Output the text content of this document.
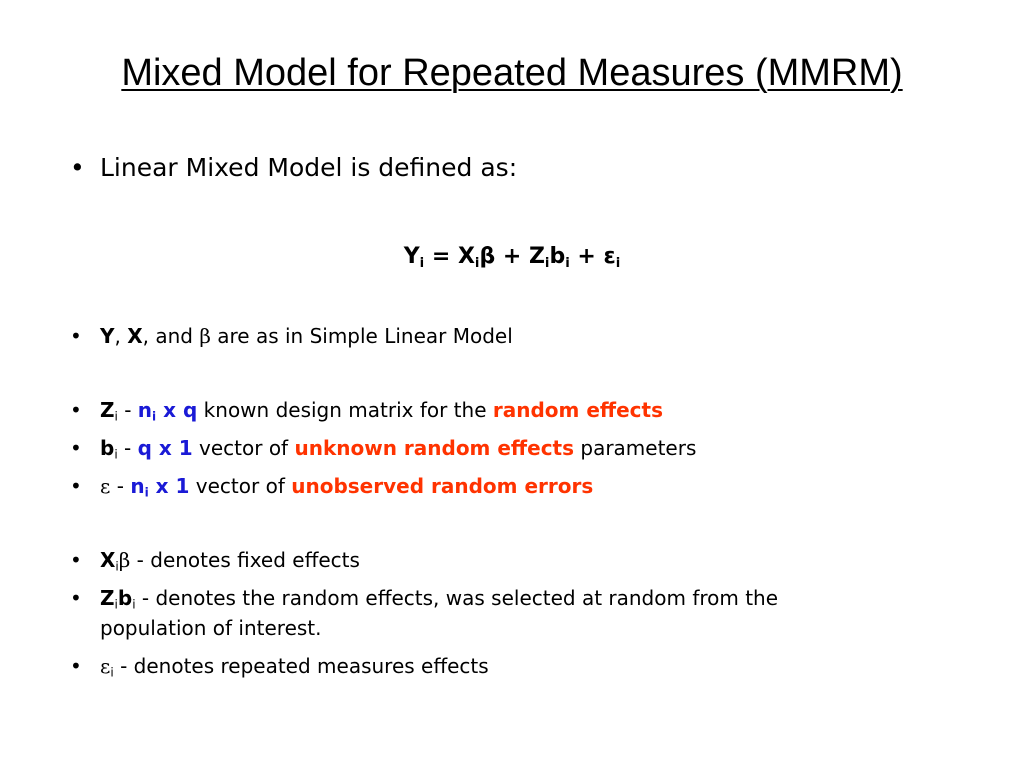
Mixed Model for Repeated Measures (MMRM)
• Linear Mixed Model is defined as:
$Y_i = X_i\beta + Z_ib_i + \varepsilon_i$
• Y, X, and β are as in Simple Linear Model
• $Z_i - n_i$ x q known design matrix for the random effects
• $b_i$ - q x 1 vector of unknown random effects parameters
• ε - $n_i$ x 1 vector of unobserved random errors
• $X_i\beta$ - denotes fixed effects
• $Z_ib_i$ - denotes the random effects, was selected at random from the
population of interest.
• $\varepsilon_i$ - denotes repeated measures effects
